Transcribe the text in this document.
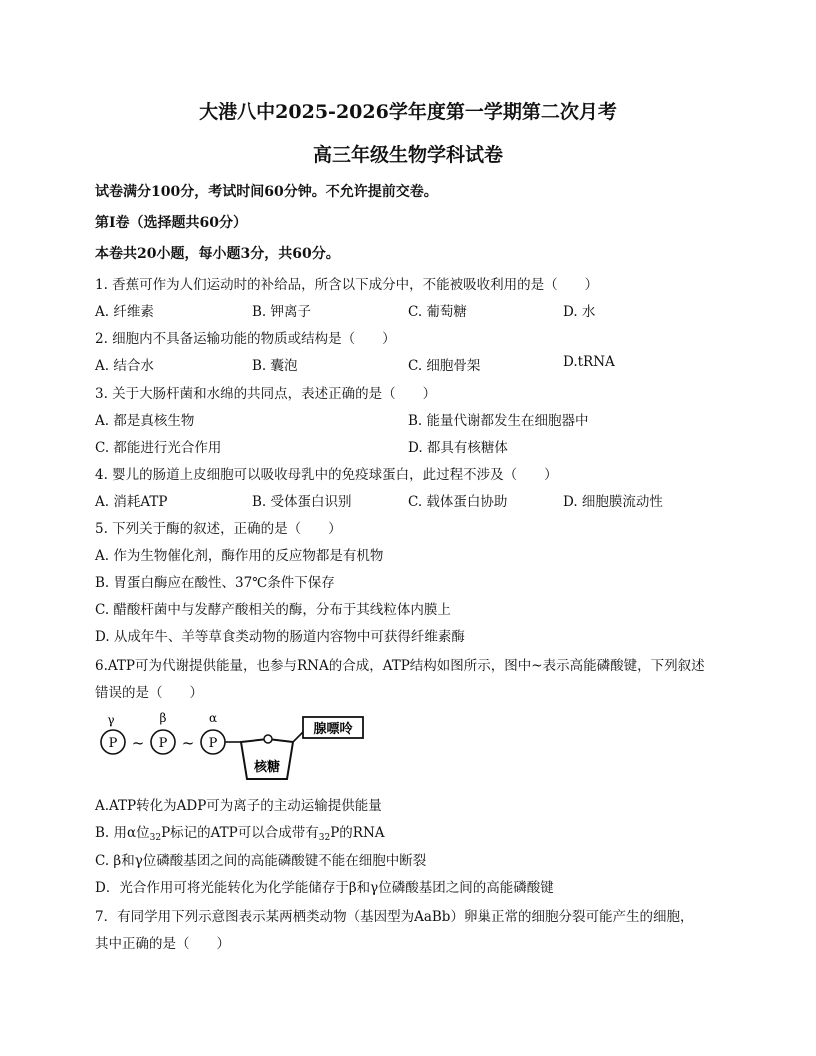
大港八中2025-2026学年度第一学期第二次月考
高三年级生物学科试卷
试卷满分100分，考试时间60分钟。不允许提前交卷。
第Ⅰ卷（选择题共60分）
本卷共20小题，每小题3分，共60分。
1. 香蕉可作为人们运动时的补给品，所含以下成分中，不能被吸收利用的是（　　）
A. 纤维素	B. 钾离子	C. 葡萄糖	D. 水
2. 细胞内不具备运输功能的物质或结构是（　　）
A. 结合水	B. 囊泡	C. 细胞骨架	D.tRNA
3. 关于大肠杆菌和水绵的共同点，表述正确的是（　　）
A. 都是真核生物	B. 能量代谢都发生在细胞器中
C. 都能进行光合作用	D. 都具有核糖体
4. 婴儿的肠道上皮细胞可以吸收母乳中的免疫球蛋白，此过程不涉及（　　）
A. 消耗ATP	B. 受体蛋白识别	C. 载体蛋白协助	D. 细胞膜流动性
5. 下列关于酶的叙述，正确的是（　　）
A. 作为生物催化剂，酶作用的反应物都是有机物
B. 胃蛋白酶应在酸性、37℃条件下保存
C. 醋酸杆菌中与发酵产酸相关的酶，分布于其线粒体内膜上
D. 从成年牛、羊等草食类动物的肠道内容物中可获得纤维素酶
6.ATP可为代谢提供能量，也参与RNA的合成，ATP结构如图所示，图中~表示高能磷酸键，下列叙述
错误的是（　　）
γ	β	α
P ~ P ~ P
核糖
腺嘌呤
A.ATP转化为ADP可为离子的主动运输提供能量
B. 用α位$_{32}$P标记的ATP可以合成带有$_{32}$P的RNA
C. β和γ位磷酸基团之间的高能磷酸键不能在细胞中断裂
D．光合作用可将光能转化为化学能储存于β和γ位磷酸基团之间的高能磷酸键
7．有同学用下列示意图表示某两栖类动物（基因型为AaBb）卵巢正常的细胞分裂可能产生的细胞，
其中正确的是（　　）
